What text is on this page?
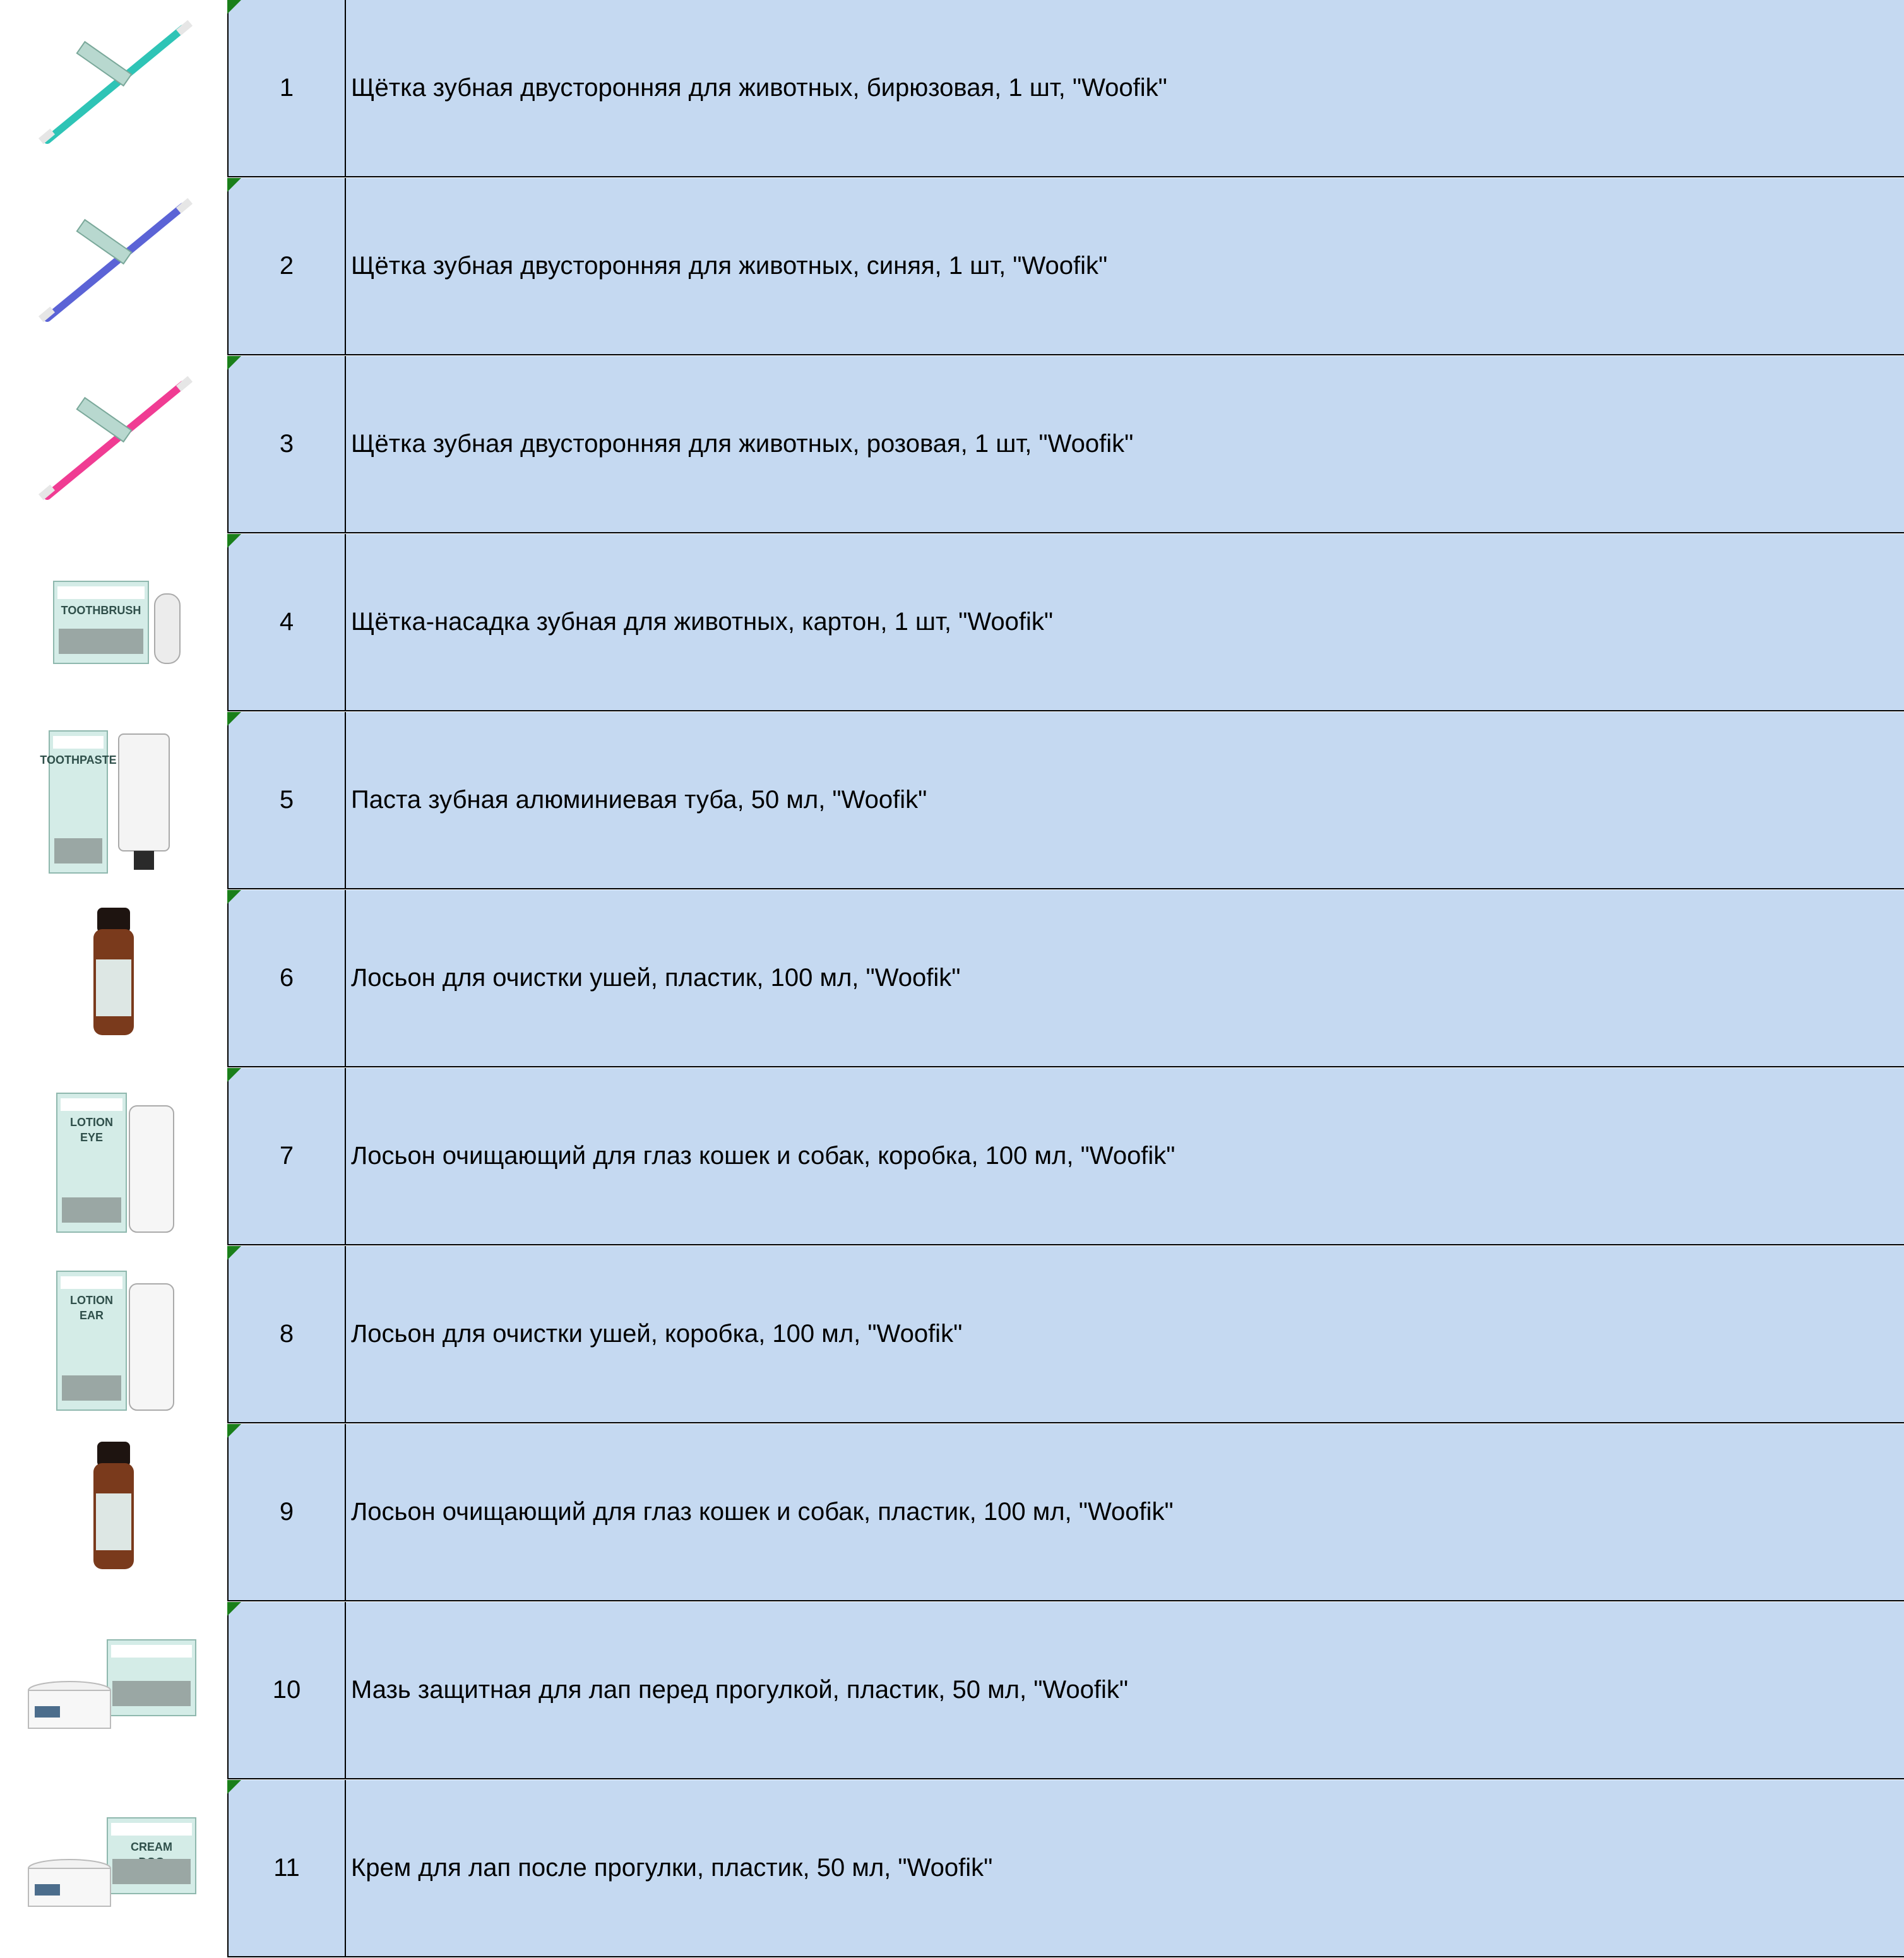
1	Щётка зубная двусторонняя для животных, бирюзовая, 1 шт, "Woofik"
2	Щётка зубная двусторонняя для животных, синяя, 1 шт, "Woofik"
3	Щётка зубная двусторонняя для животных, розовая, 1 шт, "Woofik"
TOOTHBRUSH	4	Щётка-насадка зубная для животных, картон, 1 шт, "Woofik"
TOOTHPASTE
5	Паста зубная алюминиевая туба, 50 мл, "Woofik"
6	Лосьон для очистки ушей, пластик, 100 мл, "Woofik"
LOTION
EYE
7	Лосьон очищающий для глаз кошек и собак, коробка, 100 мл, "Woofik"
LOTION
EAR
8	Лосьон для очистки ушей, коробка, 100 мл, "Woofik"
9	Лосьон очищающий для глаз кошек и собак, пластик, 100 мл, "Woofik"
10	Мазь защитная для лап перед прогулкой, пластик, 50 мл, "Woofik"
CREAM
11	Крем для лап после прогулки, пластик, 50 мл, "Woofik"
